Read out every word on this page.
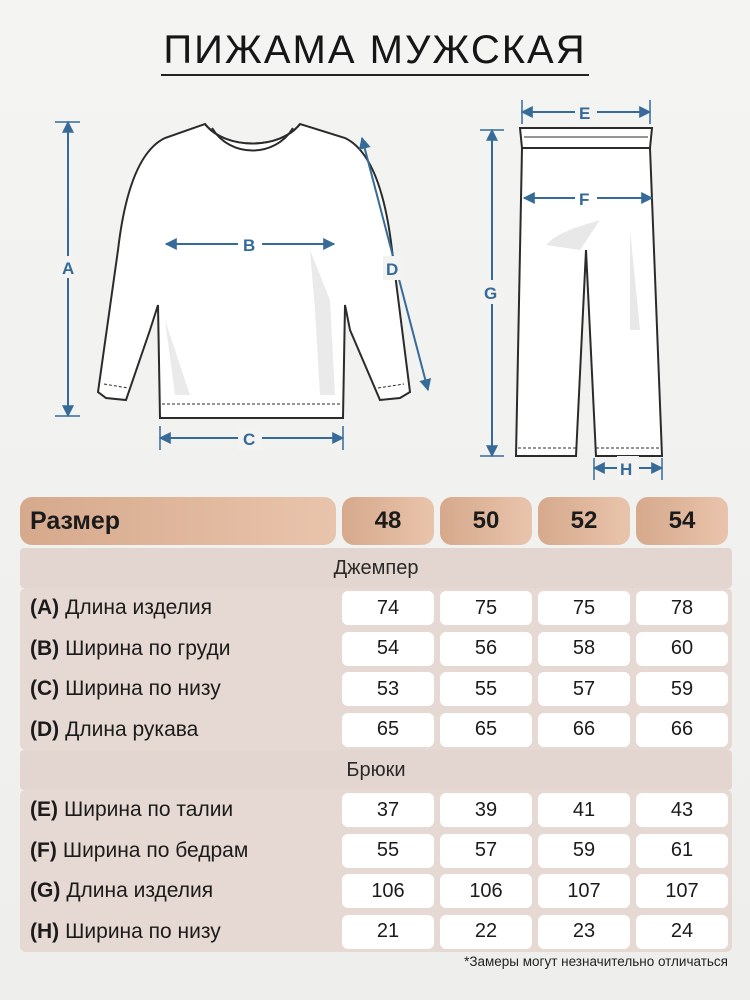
ПИЖАМА МУЖСКАЯ
A
B
C
D
E
F
G
H
Размер	48	50	52	54
Джемпер
(A) Длина изделия	74	75	75	78
(B) Ширина по груди	54	56	58	60
(C) Ширина по низу	53	55	57	59
(D) Длина рукава	65	65	66	66
Брюки
(E) Ширина по талии	37	39	41	43
(F) Ширина по бедрам	55	57	59	61
(G) Длина изделия	106	106	107	107
(H) Ширина по низу	21	22	23	24
*Замеры могут незначительно отличаться
